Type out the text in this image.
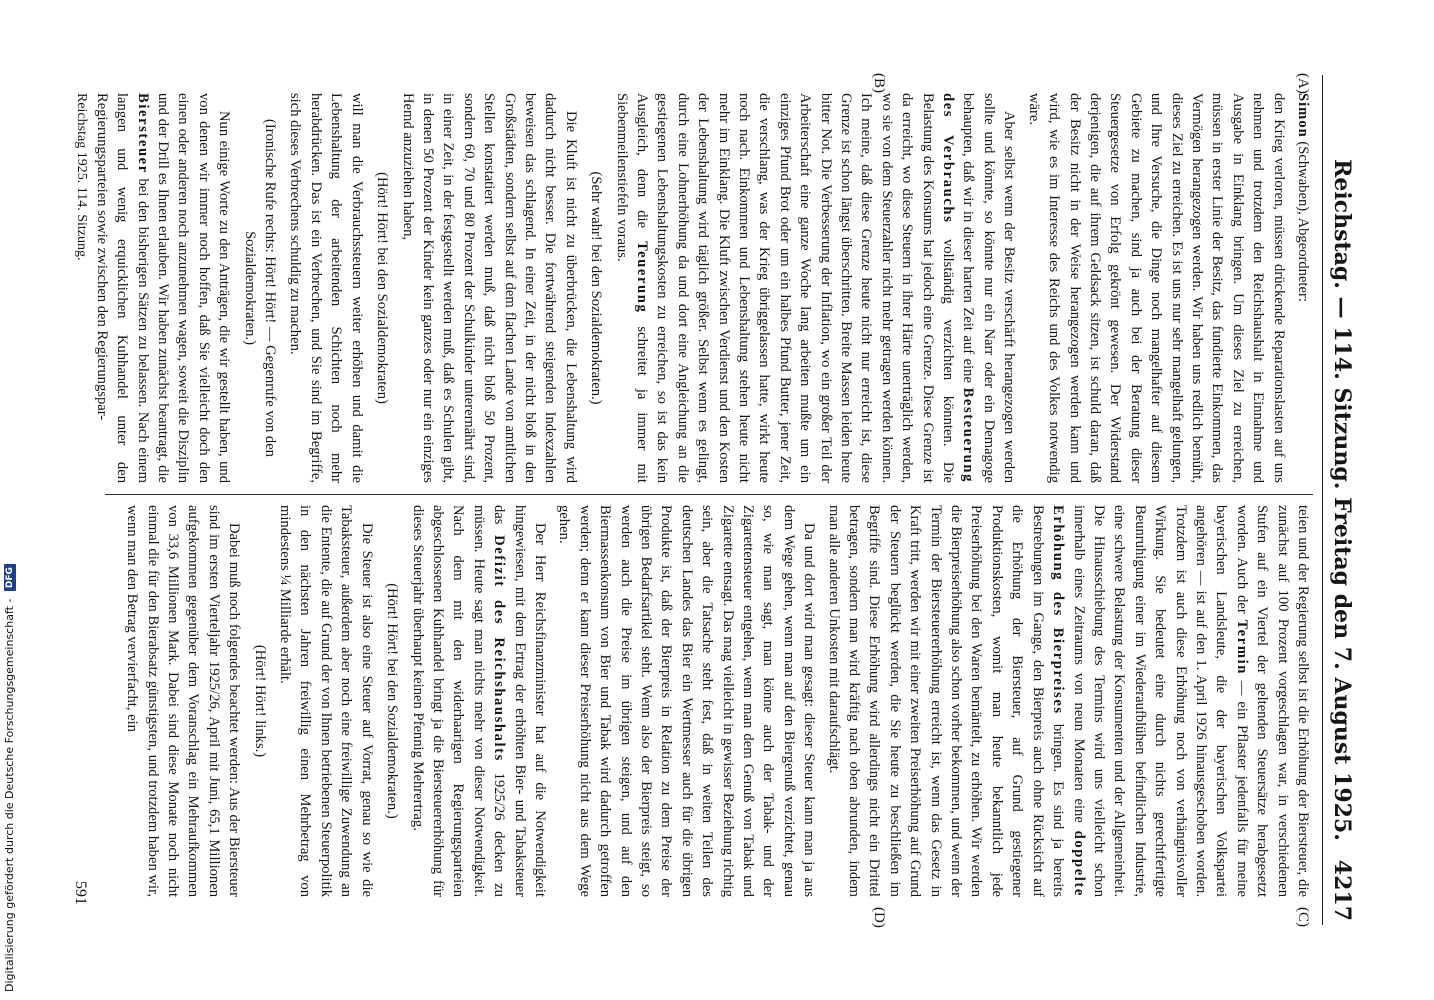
Reichstag. — 114. Sitzung. Freitag den 7. August 1925.
4217
(A)
(B)
(C)
(D)

Simon (Schwaben), Abgeordneter:

den Krieg verloren, müssen drückende Reparationslasten auf uns nehmen und trotzdem den Reichshaushalt in Einnahme und Ausgabe in Einklang bringen. Um dieses Ziel zu erreichen, müssen in erster Linie der Besitz, das fundierte Einkommen, das Vermögen herangezogen werden. Wir haben uns redlich bemüht, dieses Ziel zu erreichen. Es ist uns nur sehr mangelhaft gelungen, und Ihre Versuche, die Dinge noch mangelhafter auf diesem Gebiete zu machen, sind ja auch bei der Beratung dieser Steuergesetze von Erfolg gekrönt gewesen. Der Widerstand derjenigen, die auf ihrem Geldsack sitzen, ist schuld daran, daß der Besitz nicht in der Weise herangezogen werden kann und wird, wie es im Interesse des Reichs und des Volkes notwendig wäre.

Aber selbst wenn der Besitz verschärft herangezogen werden sollte und könnte, so könnte nur ein Narr oder ein Demagoge behaupten, daß wir in dieser harten Zeit auf eine Besteuerung des Verbrauchs vollständig verzichten könnten. Die Belastung des Konsums hat jedoch eine Grenze. Diese Grenze ist da erreicht, wo diese Steuern in ihrer Härte unerträglich werden, wo sie von dem Steuerzahler nicht mehr getragen werden können. Ich meine, daß diese Grenze heute nicht nur erreicht ist, diese Grenze ist schon längst überschritten. Breite Massen leiden heute bitter Not. Die Verbesserung der Inflation, wo ein großer Teil der Arbeiterschaft eine ganze Woche lang arbeiten mußte um ein einziges Pfund Brot oder um ein halbes Pfund Butter, jener Zeit, die verschlang, was der Krieg übriggelassen hatte, wirkt heute noch nach. Einkommen und Lebenshaltung stehen heute nicht mehr im Einklang. Die Kluft zwischen Verdienst und den Kosten der Lebenshaltung wird täglich größer. Selbst wenn es gelingt, durch eine Lohnerhöhung da und dort eine Angleichung an die gestiegenen Lebenshaltungskosten zu erreichen, so ist das kein Ausgleich, denn die Teuerung schreitet ja immer mit Siebenmeilenstiefeln voraus.

(Sehr wahr! bei den Sozialdemokraten.)

Die Kluft ist nicht zu überbrücken, die Lebenshaltung wird dadurch nicht besser. Die fortwährend steigenden Indexzahlen beweisen das schlagend. In einer Zeit, in der nicht bloß in den Großstädten, sondern selbst auf dem flachen Lande von amtlichen Stellen konstatiert werden muß, daß nicht bloß 50 Prozent, sondern 60, 70 und 80 Prozent der Schulkinder unterernährt sind, in einer Zeit, in der festgestellt werden muß, daß es Schulen gibt, in denen 50 Prozent der Kinder kein ganzes oder nur ein einziges Hemd anzuziehen haben,

(Hört! Hört! bei den Sozialdemokraten)

will man die Verbrauchssteuern weiter erhöhen und damit die Lebenshaltung der arbeitenden Schichten noch mehr herabdrücken. Das ist ein Verbrechen, und Sie sind im Begriffe, sich dieses Verbrechens schuldig zu machen.

(Ironische Rufe rechts: Hört! Hört! — Gegenrufe von den Sozialdemokraten.)

Nun einige Worte zu den Anträgen, die wir gestellt haben, und von denen wir immer noch hoffen, daß Sie vielleicht doch den einen oder anderen noch anzunehmen wagen, soweit die Disziplin und der Drill es Ihnen erlauben. Wir haben zunächst beantragt, die Biersteuer bei den bisherigen Sätzen zu belassen. Nach einem langen und wenig erquicklichen Kuhhandel unter den Regierungsparteien sowie zwischen den Regierungspar-

teien und der Regierung selbst ist die Erhöhung der Biersteuer, die zunächst auf 100 Prozent vorgeschlagen war, in verschiedenen Stufen auf ein Viertel der geltenden Steuersätze herabgesetzt worden. Auch der Termin — ein Pflaster jedenfalls für meine bayerischen Landsleute, die der bayerischen Volkspartei angehören — ist auf den 1. April 1926 hinausgeschoben worden. Trotzdem ist auch diese Erhöhung noch von verhängnisvoller Wirkung. Sie bedeutet eine durch nichts gerechtfertigte Beunruhigung einer im Wiederaufblühen befindlichen Industrie, eine schwere Belastung der Konsumenten und der Allgemeinheit. Die Hinausschiebung des Termins wird uns vielleicht schon innerhalb eines Zeitraums von neun Monaten eine doppelte Erhöhung des Bierpreises bringen. Es sind ja bereits Bestrebungen im Gange, den Bierpreis auch ohne Rücksicht auf die Erhöhung der Biersteuer, auf Grund gestiegener Produktionskosten, womit man heute bekanntlich jede Preiserhöhung bei den Waren bemäntelt, zu erhöhen. Wir werden die Bierpreiserhöhung also schon vorher bekommen, und wenn der Termin der Biersteuererhöhung erreicht ist, wenn das Gesetz in Kraft tritt, werden wir mit einer zweiten Preiserhöhung auf Grund der Steuern beglückt werden, die Sie heute zu beschließen im Begriffe sind. Diese Erhöhung wird allerdings nicht ein Drittel betragen, sondern man wird kräftig nach oben abrunden, indem man alle anderen Unkosten mit daraufschlägt.

Da und dort wird man gesagt: dieser Steuer kann man ja aus dem Wege gehen, wenn man auf den Biergenuß verzichtet, genau so, wie man sagt, man könne auch der Tabak- und der Zigarettensteuer entgehen, wenn man dem Genuß von Tabak und Zigarette entsagt. Das mag vielleicht in gewisser Beziehung richtig sein, aber die Tatsache steht fest, daß in weiten Teilen des deutschen Landes das Bier ein Wertmesser auch für die übrigen Produkte ist, daß der Bierpreis in Relation zu dem Preise der übrigen Bedarfsartikel steht. Wenn also der Bierpreis steigt, so werden auch die Preise im übrigen steigen, und auf den Biermassenkonsum von Bier und Tabak wird dadurch getroffen werden; denn er kann dieser Preiserhöhung nicht aus dem Wege gehen.

Der Herr Reichsfinanzminister hat auf die Notwendigkeit hingewiesen, mit dem Ertrag der erhöhten Bier- und Tabaksteuer das Defizit des Reichshaushalts 1925/26 decken zu müssen. Heute sagt man nichts mehr von dieser Notwendigkeit. Nach dem mit den widerhaarigen Regierungsparteien abgeschlossenen Kuhhandel bringt ja die Biersteuererhöhung für dieses Steuerjahr überhaupt keinen Pfennig Mehrertrag.

(Hört! Hört! bei den Sozialdemokraten.)

Die Steuer ist also eine Steuer auf Vorrat, genau so wie die Tabaksteuer, außerdem aber noch eine freiwillige Zuwendung an die Entente, die auf Grund der von Ihnen betriebenen Steuerpolitik in den nächsten Jahren freiwillig einen Mehrbetrag von mindestens ¼ Milliarde erhält.

(Hört! Hört! links.)

Dabei muß noch folgendes beachtet werden: Aus der Biersteuer sind im ersten Vierteljahr 1925/26, April mit Juni, 65,1 Millionen aufgekommen gegenüber dem Voranschlag ein Mehraufkommen von 33,6 Millionen Mark. Dabei sind diese Monate noch nicht einmal die für den Bierabsatz günstigsten, und trotzdem haben wir, wenn man den Betrag vervierfacht, ein

Reichstag 1925. 114. Sitzung.
591
Digitalisierung gefördert durch die Deutsche Forschungsgemeinschaft - DFG
